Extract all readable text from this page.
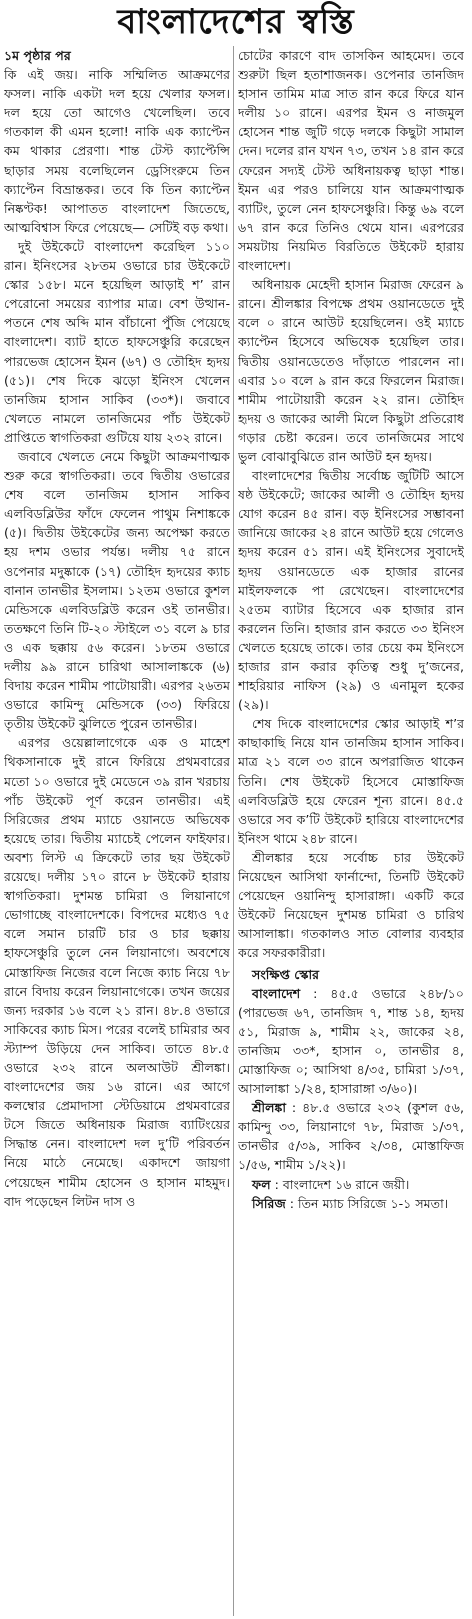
বাংলাদেশের স্বস্তি

১ম পৃষ্ঠার পর

কি এই জয়। নাকি সম্মিলিত আক্রমণের ফসল। নাকি একটা দল হয়ে খেলার ফসল। দল হয়ে তো আগেও খেলেছিল। তবে গতকাল কী এমন হলো! নাকি এক ক্যাপ্টেন কম থাকার প্রেরণা। শান্ত টেস্ট ক্যাপ্টেন্সি ছাড়ার সময় বলেছিলেন ড্রেসিংরুমে তিন ক্যাপ্টেন বিভ্রান্তকর। তবে কি তিন ক্যাপ্টেন নিষ্কণ্টক! আপাতত বাংলাদেশ জিতেছে, আত্মবিশ্বাস ফিরে পেয়েছে— সেটিই বড় কথা।

দুই উইকেটে বাংলাদেশ করেছিল ১১০ রান। ইনিংসের ২৮তম ওভারে চার উইকেটে স্কোর ১৫৮। মনে হয়েছিল আড়াই শ’ রান পেরোনো সময়ের ব্যাপার মাত্র। বেশ উত্থান-পতনে শেষ অব্দি মান বাঁচানো পুঁজি পেয়েছে বাংলাদেশ। ব্যাট হাতে হাফসেঞ্চুরি করেছেন পারভেজ হোসেন ইমন (৬৭) ও তৌহিদ হৃদয় (৫১)। শেষ দিকে ঝড়ো ইনিংস খেলেন তানজিম হাসান সাকিব (৩৩*)। জবাবে খেলতে নামলে তানজিমের পাঁচ উইকেট প্রাপ্তিতে স্বাগতিকরা গুটিয়ে যায় ২৩২ রানে।

জবাবে খেলতে নেমে কিছুটা আক্রমণাত্মক শুরু করে স্বাগতিকরা। তবে দ্বিতীয় ওভারের শেষ বলে তানজিম হাসান সাকিব এলবিডব্লিউর ফাঁদে ফেলেন পাথুম নিশাঙ্ককে (৫)। দ্বিতীয় উইকেটের জন্য অপেক্ষা করতে হয় দশম ওভার পর্যন্ত। দলীয় ৭৫ রানে ওপেনার মদুষ্কাকে (১৭) তৌহিদ হৃদয়ের ক্যাচ বানান তানভীর ইসলাম। ১২তম ওভারে কুশল মেন্ডিসকে এলবিডব্লিউ করেন ওই তানভীর। ততক্ষণে তিনি টি-২০ স্টাইলে ৩১ বলে ৯ চার ও এক ছক্কায় ৫৬ করেন। ১৮তম ওভারে দলীয় ৯৯ রানে চারিথা আসালাঙ্ককে (৬) বিদায় করেন শামীম পাটোয়ারী। এরপর ২৬তম ওভারে কামিন্দু মেন্ডিসকে (৩৩) ফিরিয়ে তৃতীয় উইকেট ঝুলিতে পুরেন তানভীর।

এরপর ওয়েল্লালাগেকে এক ও মাহেশ থিকসানাকে দুই রানে ফিরিয়ে প্রথমবারের মতো ১০ ওভারে দুই মেডেনে ৩৯ রান খরচায় পাঁচ উইকেট পূর্ণ করেন তানভীর। এই সিরিজের প্রথম ম্যাচে ওয়ানডে অভিষেক হয়েছে তার। দ্বিতীয় ম্যাচেই পেলেন ফাইফার। অবশ্য লিস্ট এ ক্রিকেটে তার ছয় উইকেট রয়েছে। দলীয় ১৭০ রানে ৮ উইকেট হারায় স্বাগতিকরা। দুশমন্ত চামিরা ও লিয়ানাগে ভোগাচ্ছে বাংলাদেশকে। বিপদের মধ্যেও ৭৫ বলে সমান চারটি চার ও চার ছক্কায় হাফসেঞ্চুরি তুলে নেন লিয়ানাগে। অবশেষে মোস্তাফিজ নিজের বলে নিজে ক্যাচ নিয়ে ৭৮ রানে বিদায় করেন লিয়ানাগেকে। তখন জয়ের জন্য দরকার ১৬ বলে ২১ রান। ৪৮.৪ ওভারে সাকিবের ক্যাচ মিস। পরের বলেই চামিরার অব স্ট্যাম্প উড়িয়ে দেন সাকিব। তাতে ৪৮.৫ ওভারে ২৩২ রানে অলআউট শ্রীলঙ্কা। বাংলাদেশের জয় ১৬ রানে। এর আগে কলম্বোর প্রেমাদাসা স্টেডিয়ামে প্রথমবারের টসে জিতে অধিনায়ক মিরাজ ব্যাটিংয়ের সিদ্ধান্ত নেন। বাংলাদেশ দল দু’টি পরিবর্তন নিয়ে মাঠে নেমেছে। একাদশে জায়গা পেয়েছেন শামীম হোসেন ও হাসান মাহমুদ। বাদ পড়েছেন লিটন দাস ও

চোটের কারণে বাদ তাসকিন আহমেদ। তবে শুরুটা ছিল হতাশাজনক। ওপেনার তানজিদ হাসান তামিম মাত্র সাত রান করে ফিরে যান দলীয় ১০ রানে। এরপর ইমন ও নাজমুল হোসেন শান্ত জুটি গড়ে দলকে কিছুটা সামাল দেন। দলের রান যখন ৭৩, তখন ১৪ রান করে ফেরেন সদ্যই টেস্ট অধিনায়কত্ব ছাড়া শান্ত। ইমন এর পরও চালিয়ে যান আক্রমণাত্মক ব্যাটিং, তুলে নেন হাফসেঞ্চুরি। কিন্তু ৬৯ বলে ৬৭ রান করে তিনিও থেমে যান। এরপরের সময়টায় নিয়মিত বিরতিতে উইকেট হারায় বাংলাদেশ।

অধিনায়ক মেহেদী হাসান মিরাজ ফেরেন ৯ রানে। শ্রীলঙ্কার বিপক্ষে প্রথম ওয়ানডেতে দুই বলে ০ রানে আউট হয়েছিলেন। ওই ম্যাচে ক্যাপ্টেন হিসেবে অভিষেক হয়েছিল তার। দ্বিতীয় ওয়ানডেতেও দাঁড়াতে পারলেন না। এবার ১০ বলে ৯ রান করে ফিরলেন মিরাজ। শামীম পাটোয়ারী করেন ২২ রান। তৌহিদ হৃদয় ও জাকের আলী মিলে কিছুটা প্রতিরোধ গড়ার চেষ্টা করেন। তবে তানজিমের সাথে ভুল বোঝাবুঝিতে রান আউট হন হৃদয়।

বাংলাদেশের দ্বিতীয় সর্বোচ্চ জুটিটি আসে ষষ্ঠ উইকেটে; জাকের আলী ও তৌহিদ হৃদয় যোগ করেন ৪৫ রান। বড় ইনিংসের সম্ভাবনা জানিয়ে জাকের ২৪ রানে আউট হয়ে গেলেও হৃদয় করেন ৫১ রান। এই ইনিংসের সুবাদেই হৃদয় ওয়ানডেতে এক হাজার রানের মাইলফলকে পা রেখেছেন। বাংলাদেশের ২৫তম ব্যাটার হিসেবে এক হাজার রান করলেন তিনি। হাজার রান করতে ৩৩ ইনিংস খেলতে হয়েছে তাকে। তার চেয়ে কম ইনিংসে হাজার রান করার কৃতিত্ব শুধু দু’জনের, শাহরিয়ার নাফিস (২৯) ও এনামুল হকের (২৯)।

শেষ দিকে বাংলাদেশের স্কোর আড়াই শ’র কাছাকাছি নিয়ে যান তানজিম হাসান সাকিব। মাত্র ২১ বলে ৩৩ রানে অপরাজিত থাকেন তিনি। শেষ উইকেট হিসেবে মোস্তাফিজ এলবিডব্লিউ হয়ে ফেরেন শূন্য রানে। ৪৫.৫ ওভারে সব ক’টি উইকেট হারিয়ে বাংলাদেশের ইনিংস থামে ২৪৮ রানে।

শ্রীলঙ্কার হয়ে সর্বোচ্চ চার উইকেট নিয়েছেন আসিথা ফার্নান্দো, তিনটি উইকেট পেয়েছেন ওয়ানিন্দু হাসারাঙ্গা। একটি করে উইকেট নিয়েছেন দুশমন্ত চামিরা ও চারিথ আসালাঙ্কা। গতকালও সাত বোলার ব্যবহার করে সফরকারীরা।

সংক্ষিপ্ত স্কোর

বাংলাদেশ : ৪৫.৫ ওভারে ২৪৮/১০ (পারভেজ ৬৭, তানজিদ ৭, শান্ত ১৪, হৃদয় ৫১, মিরাজ ৯, শামীম ২২, জাকের ২৪, তানজিম ৩৩*, হাসান ০, তানভীর ৪, মোস্তাফিজ ০; আসিথা ৪/৩৫, চামিরা ১/৩৭, আসালাঙ্কা ১/২৪, হাসারাঙ্গা ৩/৬০)।

শ্রীলঙ্কা : ৪৮.৫ ওভারে ২৩২ (কুশল ৫৬, কামিন্দু ৩৩, লিয়ানাগে ৭৮, মিরাজ ১/৩৭, তানভীর ৫/৩৯, সাকিব ২/৩৪, মোস্তাফিজ ১/৫৬, শামীম ১/২২)।

ফল : বাংলাদেশ ১৬ রানে জয়ী।

সিরিজ : তিন ম্যাচ সিরিজে ১-১ সমতা।
